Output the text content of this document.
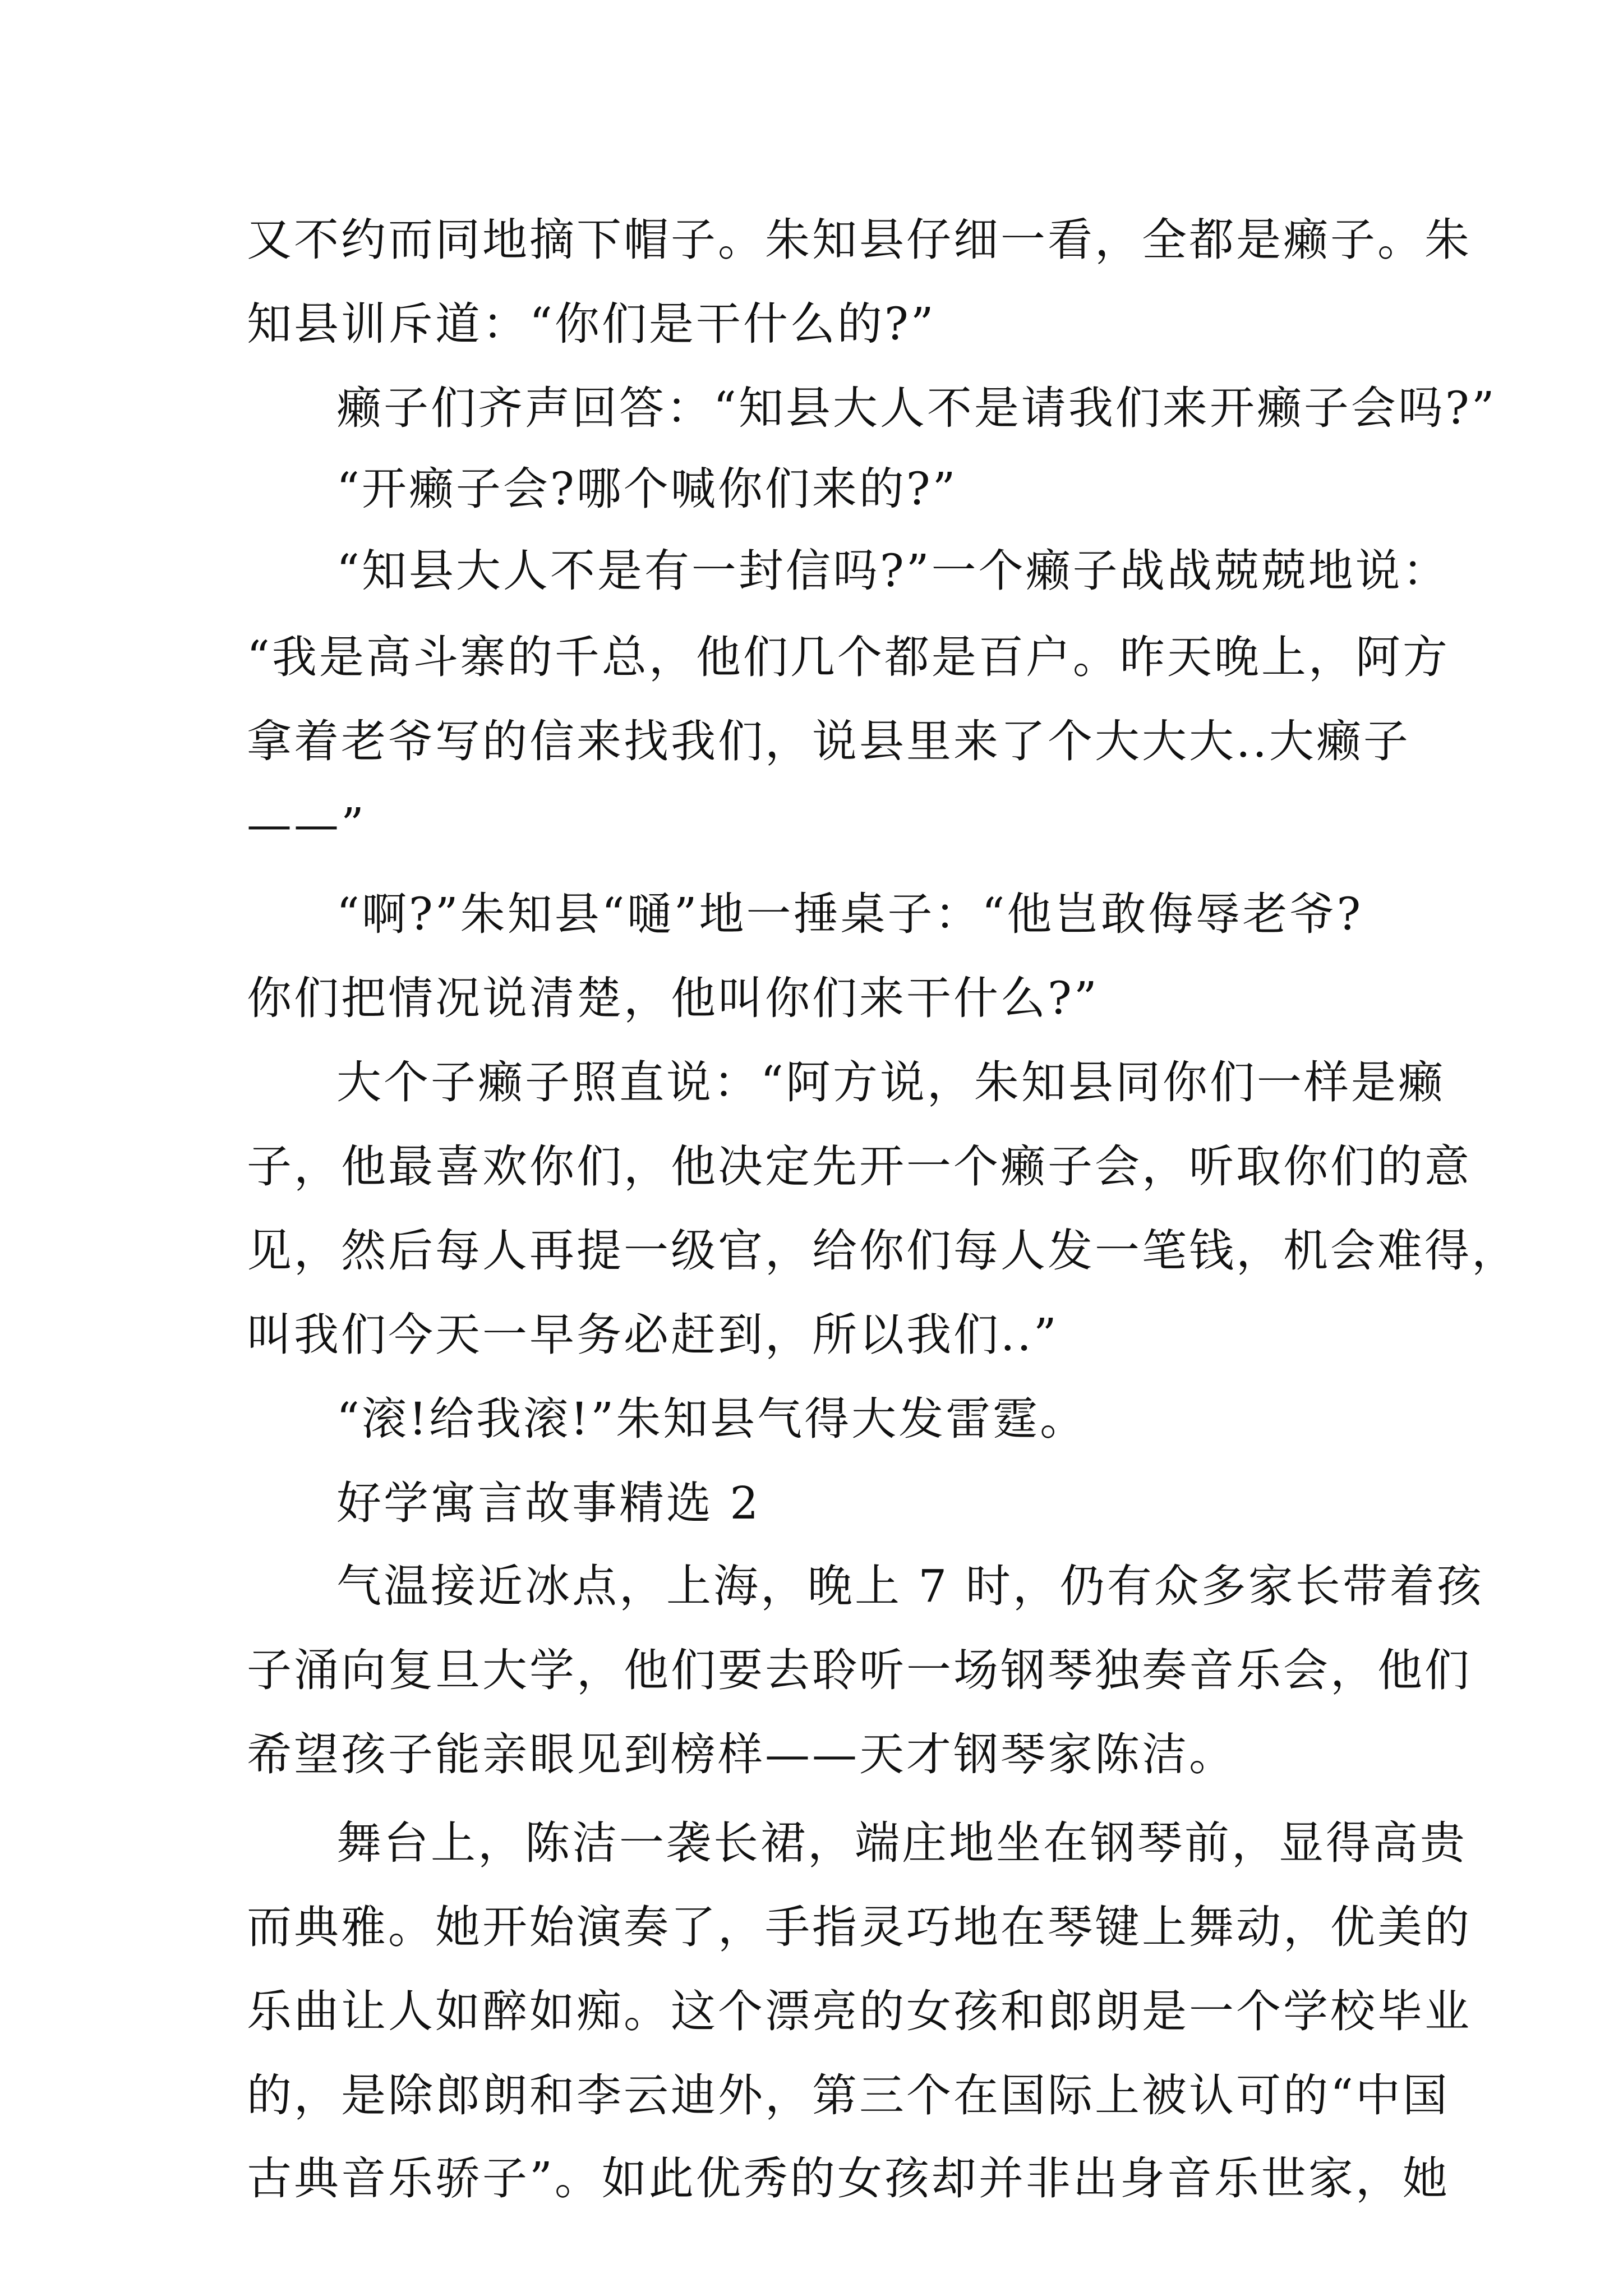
又不约而同地摘下帽子。朱知县仔细一看，全都是癞子。朱
知县训斥道：“你们是干什么的?”
癞子们齐声回答：“知县大人不是请我们来开癞子会吗?”
“开癞子会?哪个喊你们来的?”
“知县大人不是有一封信吗?”一个癞子战战兢兢地说：
“我是高斗寨的千总，他们几个都是百户。昨天晚上，阿方
拿着老爷写的信来找我们，说县里来了个大大大..大癞子
——”
“啊?”朱知县“嗵”地一捶桌子：“他岂敢侮辱老爷?
你们把情况说清楚，他叫你们来干什么?”
大个子癞子照直说：“阿方说，朱知县同你们一样是癞
子，他最喜欢你们，他决定先开一个癞子会，听取你们的意
见，然后每人再提一级官，给你们每人发一笔钱，机会难得，
叫我们今天一早务必赶到，所以我们..”
“滚!给我滚!”朱知县气得大发雷霆。
好学寓言故事精选 2
气温接近冰点，上海，晚上 7 时，仍有众多家长带着孩
子涌向复旦大学，他们要去聆听一场钢琴独奏音乐会，他们
希望孩子能亲眼见到榜样——天才钢琴家陈洁。
舞台上，陈洁一袭长裙，端庄地坐在钢琴前，显得高贵
而典雅。她开始演奏了，手指灵巧地在琴键上舞动，优美的
乐曲让人如醉如痴。这个漂亮的女孩和郎朗是一个学校毕业
的，是除郎朗和李云迪外，第三个在国际上被认可的“中国
古典音乐骄子”。如此优秀的女孩却并非出身音乐世家，她
